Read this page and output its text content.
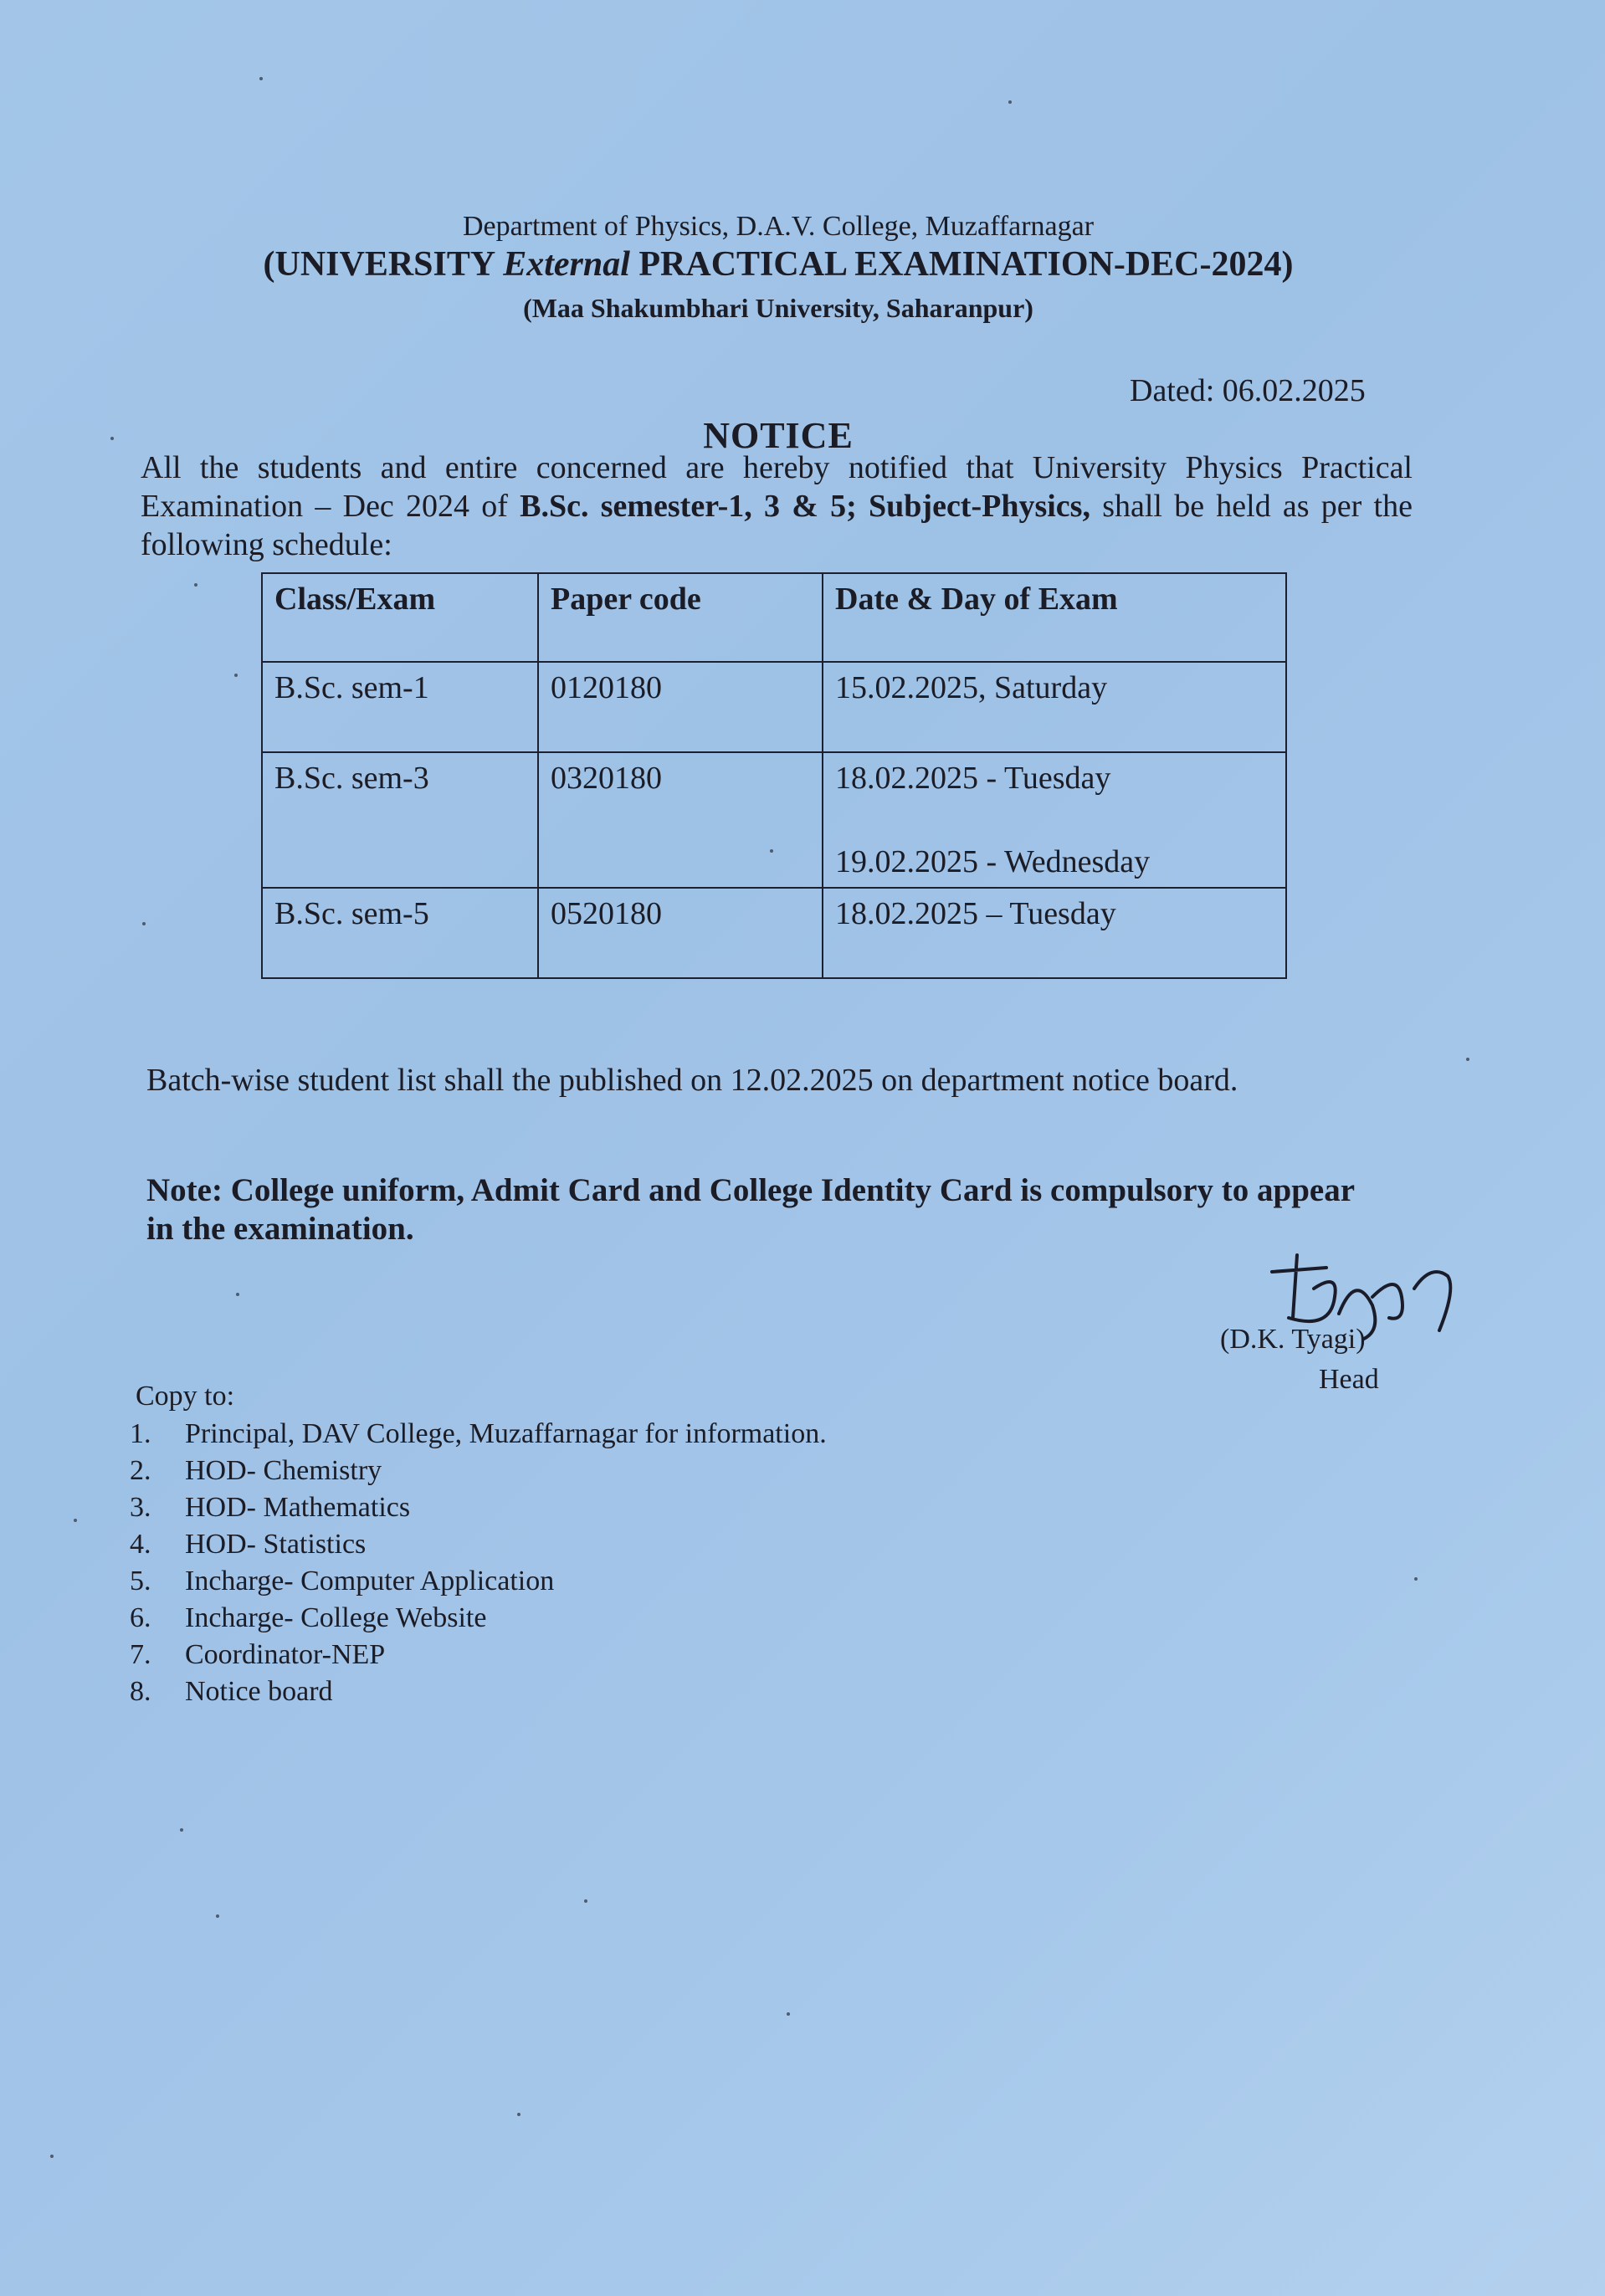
Department of Physics, D.A.V. College, Muzaffarnagar
(UNIVERSITY External PRACTICAL EXAMINATION-DEC-2024)
(Maa Shakumbhari University, Saharanpur)
Dated: 06.02.2025
NOTICE
All the students and entire concerned are hereby notified that University Physics Practical Examination – Dec 2024 of B.Sc. semester-1, 3 & 5; Subject-Physics, shall be held as per the following schedule:
Class/Exam	Paper code	Date & Day of Exam
B.Sc. sem-1	0120180	15.02.2025, Saturday

B.Sc. sem-3	0320180	18.02.2025 - Tuesday
19.02.2025 - Wednesday

B.Sc. sem-5	0520180	18.02.2025 – Tuesday
Batch-wise student list shall the published on 12.02.2025 on department notice board.
Note: College uniform, Admit Card and College Identity Card is compulsory to appear in the examination.
(D.K. Tyagi)
Head
Copy to:
1. Principal, DAV College, Muzaffarnagar for information.
2. HOD- Chemistry
3. HOD- Mathematics
4. HOD- Statistics
5. Incharge- Computer Application
6. Incharge- College Website
7. Coordinator-NEP
8. Notice board
